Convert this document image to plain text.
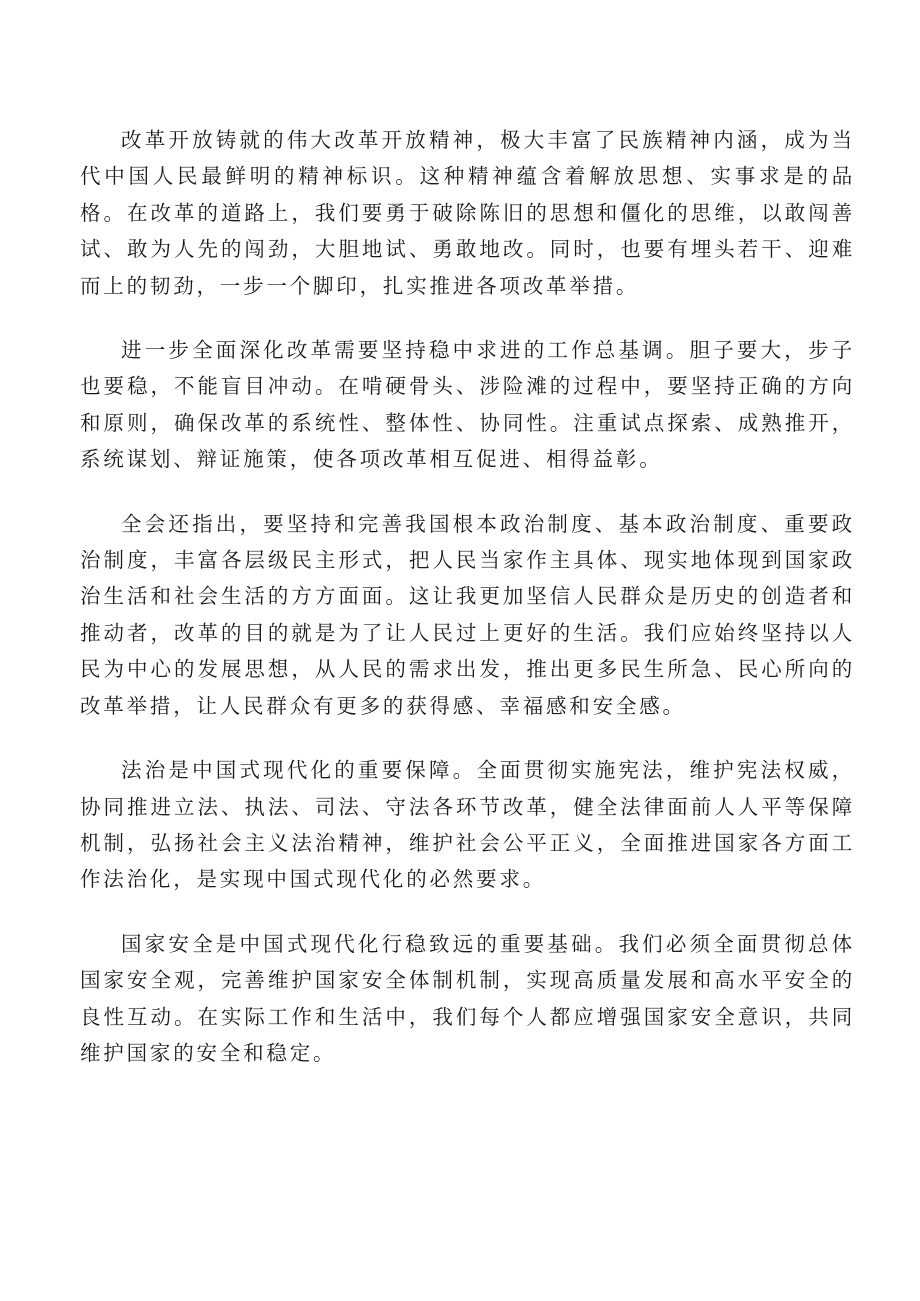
改革开放铸就的伟大改革开放精神，极大丰富了民族精神内涵，成为当代中国人民最鲜明的精神标识。这种精神蕴含着解放思想、实事求是的品格。在改革的道路上，我们要勇于破除陈旧的思想和僵化的思维，以敢闯善试、敢为人先的闯劲，大胆地试、勇敢地改。同时，也要有埋头若干、迎难而上的韧劲，一步一个脚印，扎实推进各项改革举措。

进一步全面深化改革需要坚持稳中求进的工作总基调。胆子要大，步子也要稳，不能盲目冲动。在啃硬骨头、涉险滩的过程中，要坚持正确的方向和原则，确保改革的系统性、整体性、协同性。注重试点探索、成熟推开，系统谋划、辩证施策，使各项改革相互促进、相得益彰。

全会还指出，要坚持和完善我国根本政治制度、基本政治制度、重要政治制度，丰富各层级民主形式，把人民当家作主具体、现实地体现到国家政治生活和社会生活的方方面面。这让我更加坚信人民群众是历史的创造者和推动者，改革的目的就是为了让人民过上更好的生活。我们应始终坚持以人民为中心的发展思想，从人民的需求出发，推出更多民生所急、民心所向的改革举措，让人民群众有更多的获得感、幸福感和安全感。

法治是中国式现代化的重要保障。全面贯彻实施宪法，维护宪法权威，协同推进立法、执法、司法、守法各环节改革，健全法律面前人人平等保障机制，弘扬社会主义法治精神，维护社会公平正义，全面推进国家各方面工作法治化，是实现中国式现代化的必然要求。

国家安全是中国式现代化行稳致远的重要基础。我们必须全面贯彻总体国家安全观，完善维护国家安全体制机制，实现高质量发展和高水平安全的良性互动。在实际工作和生活中，我们每个人都应增强国家安全意识，共同维护国家的安全和稳定。
